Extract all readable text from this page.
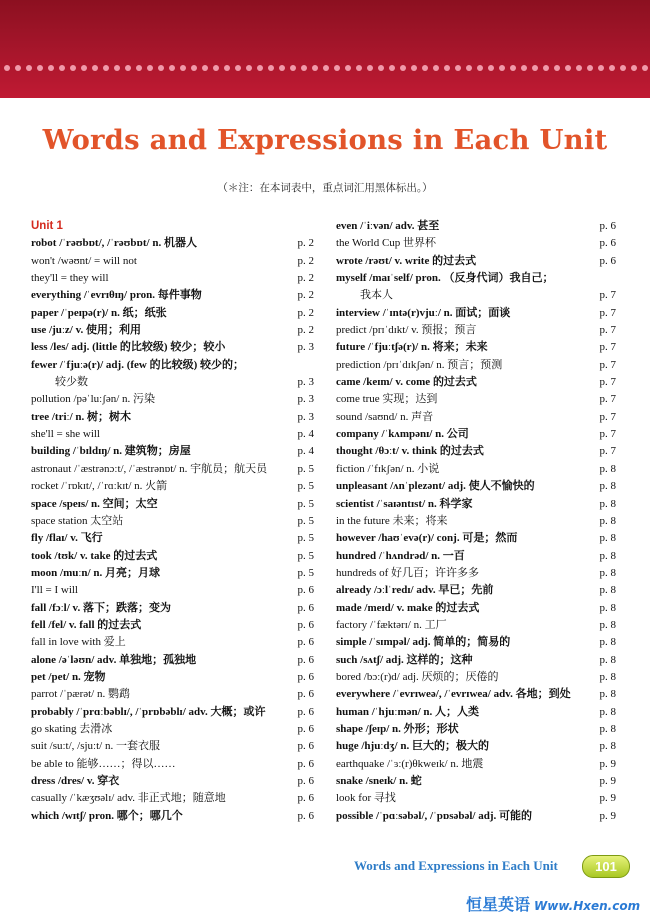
Words and Expressions in Each Unit
（＊注：在本词表中，重点词汇用黑体标出。）
Unit 1
robot /ˈrəʊbɒt/, /ˈrəʊbɒt/ n. 机器人	p. 2
won't /wəʊnt/ = will not	p. 2
they'll = they will	p. 2
everything /ˈevrɪθɪŋ/ pron. 每件事物	p. 2
paper /ˈpeɪpə(r)/ n. 纸；纸张	p. 2
use /juːz/ v. 使用；利用	p. 2
less /les/ adj. (little 的比较级) 较少；较小	p. 3
fewer /ˈfjuːə(r)/ adj. (few 的比较级) 较少的；
较少数	p. 3
pollution /pəˈluːʃən/ n. 污染	p. 3
tree /triː/ n. 树；树木	p. 3
she'll = she will	p. 4
building /ˈbɪldɪŋ/ n. 建筑物；房屋	p. 4
astronaut /ˈæstrənɔːt/, /ˈæstrənɒt/ n. 宇航员；航天员	p. 5
rocket /ˈrɒkɪt/, /ˈrɑːkɪt/ n. 火箭	p. 5
space /speɪs/ n. 空间；太空	p. 5
space station 太空站	p. 5
fly /flaɪ/ v. 飞行	p. 5
took /tʊk/ v. take 的过去式	p. 5
moon /muːn/ n. 月亮；月球	p. 5
I'll = I will	p. 6
fall /fɔːl/ v. 落下；跌落；变为	p. 6
fell /fel/ v. fall 的过去式	p. 6
fall in love with 爱上	p. 6
alone /əˈləʊn/ adv. 单独地；孤独地	p. 6
pet /pet/ n. 宠物	p. 6
parrot /ˈpærət/ n. 鹦鹉	p. 6
probably /ˈprɑːbəblɪ/, /ˈprɒbəblɪ/ adv. 大概；或许	p. 6
go skating 去滑冰	p. 6
suit /suːt/, /sjuːt/ n. 一套衣服	p. 6
be able to 能够……；得以……	p. 6
dress /dres/ v. 穿衣	p. 6
casually /ˈkæʒʊəlɪ/ adv. 非正式地；随意地	p. 6
which /wɪtʃ/ pron. 哪个；哪几个	p. 6
even /ˈiːvən/ adv. 甚至	p. 6
the World Cup 世界杯	p. 6
wrote /rəʊt/ v. write 的过去式	p. 6
myself /maɪˈself/ pron. （反身代词）我自己；
我本人	p. 7
interview /ˈɪntə(r)vjuː/ n. 面试；面谈	p. 7
predict /prɪˈdɪkt/ v. 预报；预言	p. 7
future /ˈfjuːtʃə(r)/ n. 将来；未来	p. 7
prediction /prɪˈdɪkʃən/ n. 预言；预测	p. 7
came /keɪm/ v. come 的过去式	p. 7
come true 实现；达到	p. 7
sound /saʊnd/ n. 声音	p. 7
company /ˈkʌmpənɪ/ n. 公司	p. 7
thought /θɔːt/ v. think 的过去式	p. 7
fiction /ˈfɪkʃən/ n. 小说	p. 8
unpleasant /ʌnˈplezənt/ adj. 使人不愉快的	p. 8
scientist /ˈsaɪəntɪst/ n. 科学家	p. 8
in the future 未来；将来	p. 8
however /haʊˈevə(r)/ conj. 可是；然而	p. 8
hundred /ˈhʌndrəd/ n. 一百	p. 8
hundreds of 好几百；许许多多	p. 8
already /ɔːlˈredɪ/ adv. 早已；先前	p. 8
made /meɪd/ v. make 的过去式	p. 8
factory /ˈfæktərɪ/ n. 工厂	p. 8
simple /ˈsɪmpəl/ adj. 简单的；简易的	p. 8
such /sʌtʃ/ adj. 这样的；这种	p. 8
bored /bɔː(r)d/ adj. 厌烦的；厌倦的	p. 8
everywhere /ˈevrɪweə/, /ˈevrɪwea/ adv. 各地；到处	p. 8
human /ˈhjuːmən/ n. 人；人类	p. 8
shape /ʃeɪp/ n. 外形；形状	p. 8
huge /hjuːdʒ/ n. 巨大的；极大的	p. 8
earthquake /ˈɜː(r)θkweɪk/ n. 地震	p. 9
snake /sneɪk/ n. 蛇	p. 9
look for 寻找	p. 9
possible /ˈpɑːsəbəl/, /ˈpɒsəbəl/ adj. 可能的	p. 9
Words and Expressions in Each Unit	101
恒星英语 Www.Hxen.com
